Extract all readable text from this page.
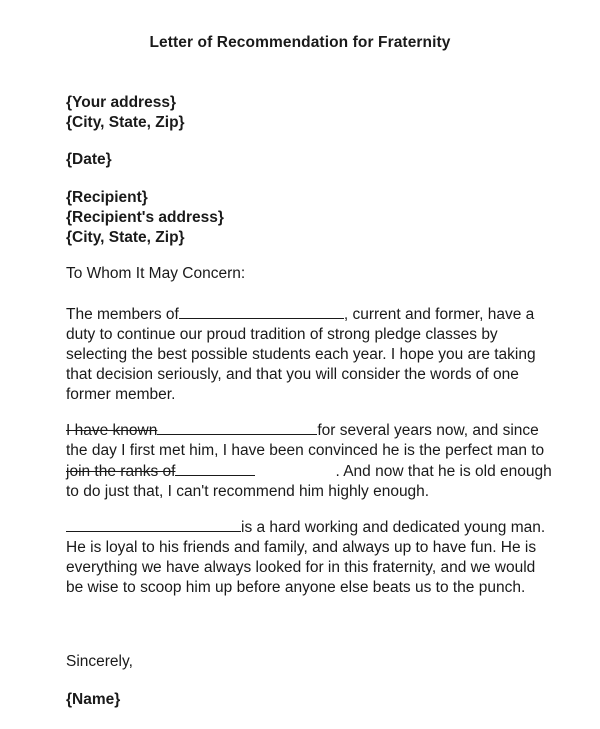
Letter of Recommendation for Fraternity
{Your address}
{City, State, Zip}
{Date}
{Recipient}
{Recipient's address}
{City, State, Zip}
To Whom It May Concern:
The members of	, current and former, have a
duty to continue our proud tradition of strong pledge classes by
selecting the best possible students each year. I hope you are taking
that decision seriously, and that you will consider the words of one
former member.
I have known	for several years now, and since
the day I first met him, I have been convinced he is the perfect man to
join the ranks of	. And now that he is old enough
to do just that, I can't recommend him highly enough.
is a hard working and dedicated young man.
He is loyal to his friends and family, and always up to have fun. He is
everything we have always looked for in this fraternity, and we would
be wise to scoop him up before anyone else beats us to the punch.
Sincerely,
{Name}
